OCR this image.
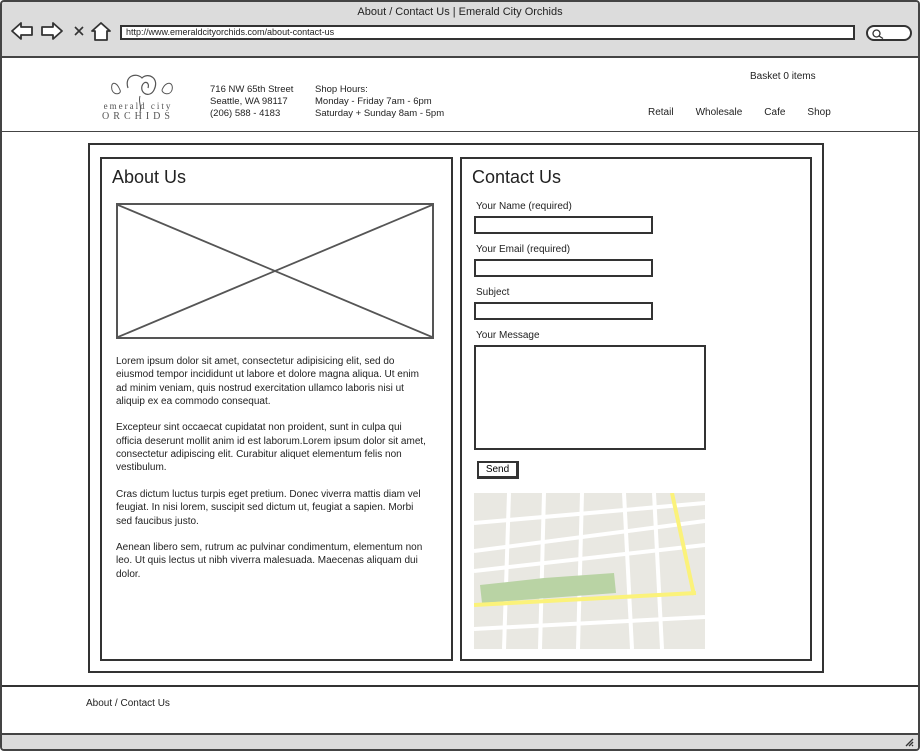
About / Contact Us | Emerald City Orchids
http://www.emeraldcityorchids.com/about-contact-us
emerald city
ORCHIDS
716 NW 65th Street
Seattle, WA 98117
(206) 588 - 4183
Shop Hours:
Monday - Friday 7am - 6pm
Saturday + Sunday 8am - 5pm
Basket 0 items
Retail Wholesale Cafe Shop
About Us

Lorem ipsum dolor sit amet, consectetur adipisicing elit, sed do eiusmod tempor incididunt ut labore et dolore magna aliqua. Ut enim ad minim veniam, quis nostrud exercitation ullamco laboris nisi ut aliquip ex ea commodo consequat.

Excepteur sint occaecat cupidatat non proident, sunt in culpa qui officia deserunt mollit anim id est laborum.Lorem ipsum dolor sit amet, consectetur adipiscing elit. Curabitur aliquet elementum felis non vestibulum.

Cras dictum luctus turpis eget pretium. Donec viverra mattis diam vel feugiat. In nisi lorem, suscipit sed dictum ut, feugiat a sapien. Morbi sed faucibus justo.

Aenean libero sem, rutrum ac pulvinar condimentum, elementum non leo. Ut quis lectus ut nibh viverra malesuada. Maecenas aliquam dui dolor.

Contact Us
Your Name (required)
Your Email (required)
Subject
Your Message
Send
About / Contact Us
